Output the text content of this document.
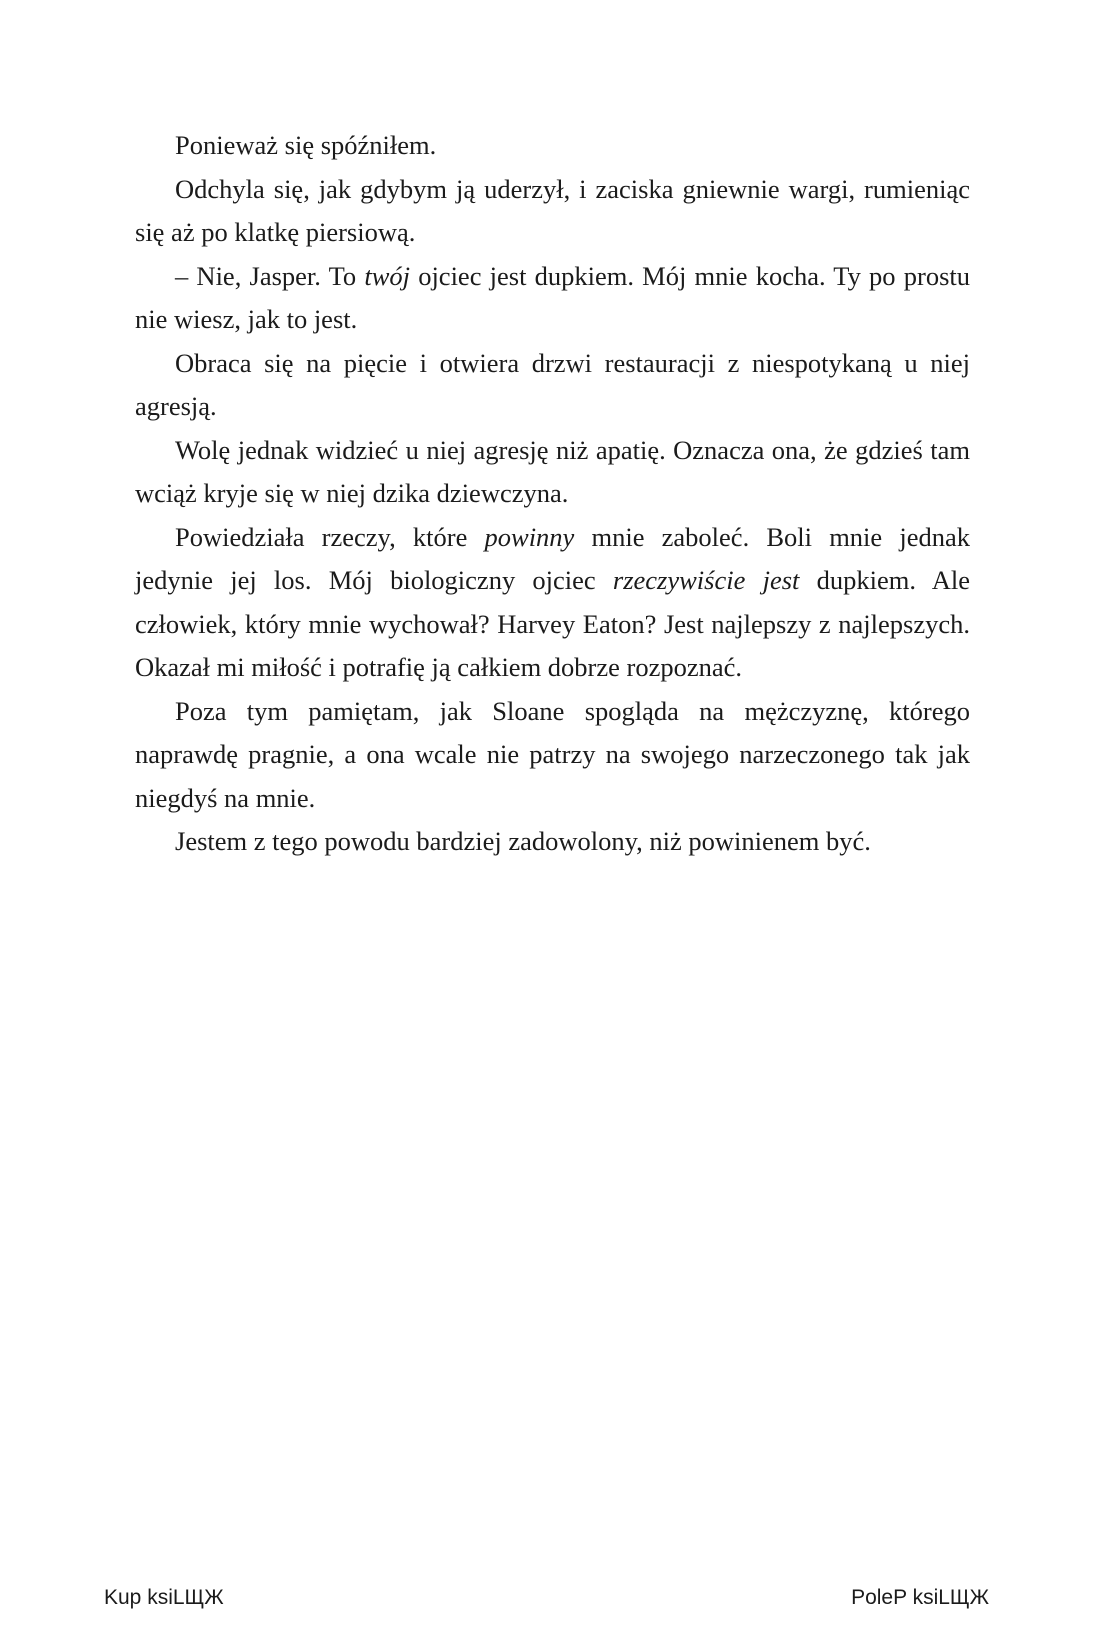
Ponieważ się spóźniłem.

Odchyla się, jak gdybym ją uderzył, i zaciska gniewnie wargi, rumieniąc się aż po klatkę piersiową.

– Nie, Jasper. To twój ojciec jest dupkiem. Mój mnie kocha. Ty po prostu nie wiesz, jak to jest.

Obraca się na pięcie i otwiera drzwi restauracji z niespotykaną u niej agresją.

Wolę jednak widzieć u niej agresję niż apatię. Oznacza ona, że gdzieś tam wciąż kryje się w niej dzika dziewczyna.

Powiedziała rzeczy, które powinny mnie zaboleć. Boli mnie jednak jedynie jej los. Mój biologiczny ojciec rzeczywiście jest dupkiem. Ale człowiek, który mnie wychował? Harvey Eaton? Jest najlepszy z najlepszych. Okazał mi miłość i potrafię ją całkiem dobrze rozpoznać.

Poza tym pamiętam, jak Sloane spogląda na mężczyznę, którego naprawdę pragnie, a ona wcale nie patrzy na swojego narzeczonego tak jak niegdyś na mnie.

Jestem z tego powodu bardziej zadowolony, niż powinienem być.

Kup ksiLЩЖ	PoleP ksiLЩЖ
